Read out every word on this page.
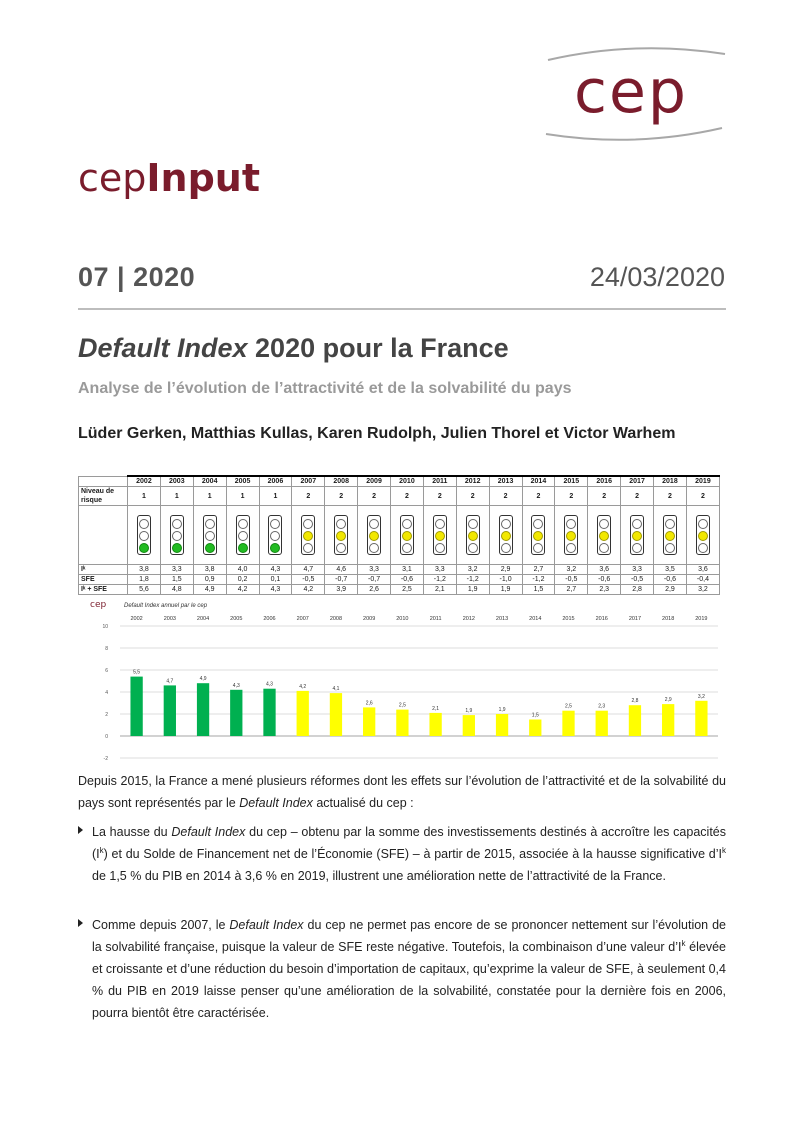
cep
cepInput
07 | 2020	24/03/2020
Default Index 2020 pour la France
Analyse de l’évolution de l’attractivité et de la solvabilité du pays
Lüder Gerken, Matthias Kullas, Karen Rudolph, Julien Thorel et Victor Warhem
	2002	2003	2004	2005	2006	2007	2008	2009	2010	2011	2012	2013	2014	2015	2016	2017	2018	2019
Niveau de risque	1	1	1	1	1	2	2	2	2	2	2	2	2	2	2	2	2	2

Iᵏ	3,8	3,3	3,8	4,0	4,3	4,7	4,6	3,3	3,1	3,3	3,2	2,9	2,7	3,2	3,6	3,3	3,5	3,6
SFE	1,8	1,5	0,9	0,2	0,1	-0,5	-0,7	-0,7	-0,6	-1,2	-1,2	-1,0	-1,2	-0,5	-0,6	-0,5	-0,6	-0,4
Iᵏ + SFE	5,6	4,8	4,9	4,2	4,3	4,2	3,9	2,6	2,5	2,1	1,9	1,9	1,5	2,7	2,3	2,8	2,9	3,2
cep	Default Index annuel par le cep
10
8
6
4
2
0
-2
5,5
2002
4,7
2003
4,9
2004
4,3
2005
4,3
2006
4,2
2007
4,1
2008
2,6
2009
2,5
2010
2,1
2011
1,9
2012
1,9
2013
1,5
2014
2,5
2015
2,3
2016
2,8
2017
2,9
2018
3,2
2019
Depuis 2015, la France a mené plusieurs réformes dont les effets sur l’évolution de l’attractivité et de la solvabilité du pays sont représentés par le Default Index actualisé du cep :
La hausse du Default Index du cep – obtenu par la somme des investissements destinés à accroître les capacités $(I^k)$ et du Solde de Financement net de l’Économie (SFE) – à partir de 2015, associée à la hausse significative $d’I^k$ de 1,5 % du PIB en 2014 à 3,6 % en 2019, illustrent une amélioration nette de l’attractivité de la France.
Comme depuis 2007, le Default Index du cep ne permet pas encore de se prononcer nettement sur l’évolution de la solvabilité française, puisque la valeur de SFE reste négative. Toutefois, la combinaison d’une valeur $d’I^k$ élevée et croissante et d’une réduction du besoin d’importation de capitaux, qu’exprime la valeur de SFE, à seulement 0,4 % du PIB en 2019 laisse penser qu’une amélioration de la solvabilité, constatée pour la dernière fois en 2006, pourra bientôt être caractérisée.
